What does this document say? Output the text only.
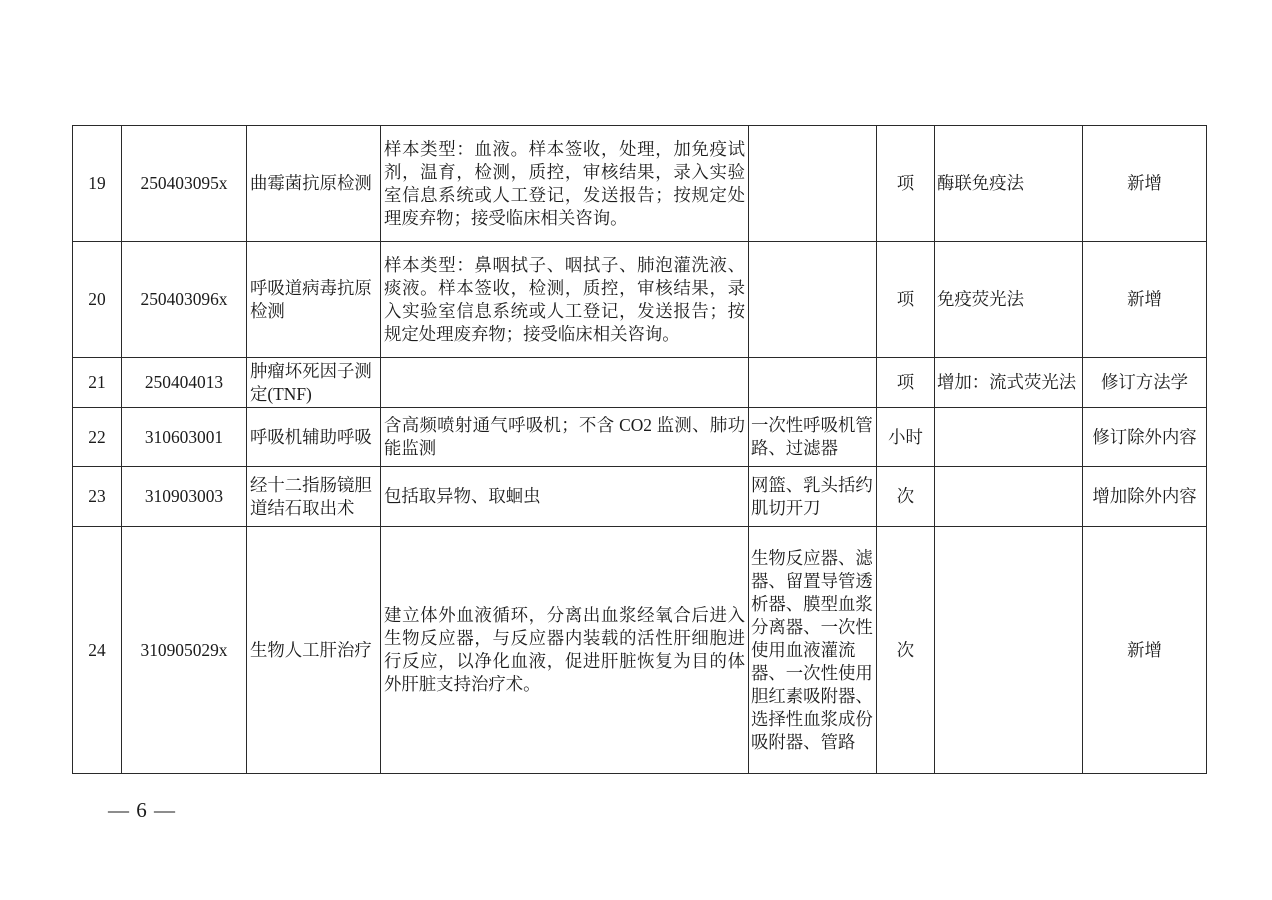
19	250403095x	曲霉菌抗原检测	样本类型：血液。样本签收，处理，加免疫试剂，温育，检测，质控，审核结果，录入实验室信息系统或人工登记，发送报告；按规定处理废弃物；接受临床相关咨询。		项	酶联免疫法	新增
20	250403096x	呼吸道病毒抗原检测	样本类型：鼻咽拭子、咽拭子、肺泡灌洗液、痰液。样本签收，检测，质控，审核结果，录入实验室信息系统或人工登记，发送报告；按规定处理废弃物；接受临床相关咨询。		项	免疫荧光法	新增
21	250404013	肿瘤坏死因子测定(TNF)			项	增加：流式荧光法	修订方法学
22	310603001	呼吸机辅助呼吸	含高频喷射通气呼吸机；不含 CO2 监测、肺功能监测	一次性呼吸机管路、过滤器	小时		修订除外内容
23	310903003	经十二指肠镜胆道结石取出术	包括取异物、取蛔虫	网篮、乳头括约肌切开刀	次		增加除外内容
24	310905029x	生物人工肝治疗	建立体外血液循环，分离出血浆经氧合后进入生物反应器，与反应器内装载的活性肝细胞进行反应，以净化血液，促进肝脏恢复为目的体外肝脏支持治疗术。	生物反应器、滤器、留置导管透析器、膜型血浆分离器、一次性使用血液灌流器、一次性使用胆红素吸附器、选择性血浆成份吸附器、管路	次		新增
— 6 —
